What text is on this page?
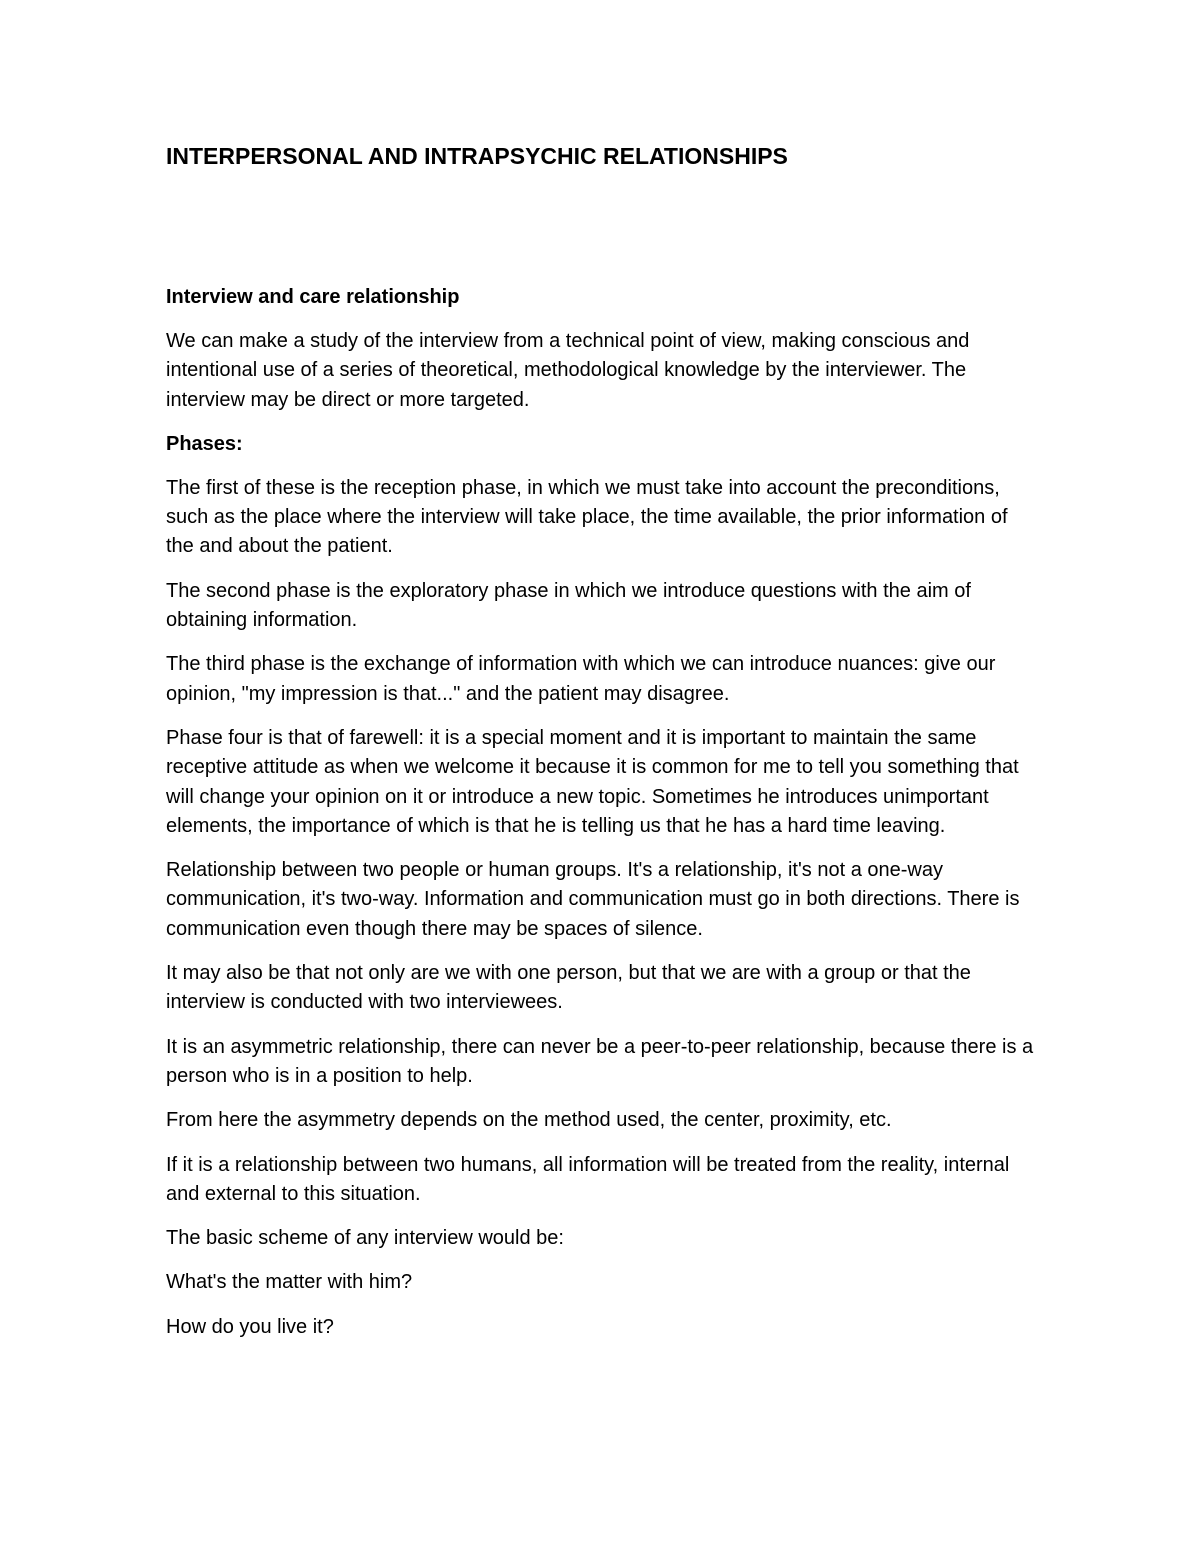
INTERPERSONAL AND INTRAPSYCHIC RELATIONSHIPS
Interview and care relationship

We can make a study of the interview from a technical point of view, making conscious and intentional use of a series of theoretical, methodological knowledge by the interviewer. The interview may be direct or more targeted.

Phases:

The first of these is the reception phase, in which we must take into account the preconditions, such as the place where the interview will take place, the time available, the prior information of the and about the patient.

The second phase is the exploratory phase in which we introduce questions with the aim of obtaining information.

The third phase is the exchange of information with which we can introduce nuances: give our opinion, "my impression is that..." and the patient may disagree.

Phase four is that of farewell: it is a special moment and it is important to maintain the same receptive attitude as when we welcome it because it is common for me to tell you something that will change your opinion on it or introduce a new topic. Sometimes he introduces unimportant elements, the importance of which is that he is telling us that he has a hard time leaving.

Relationship between two people or human groups. It's a relationship, it's not a one-way communication, it's two-way. Information and communication must go in both directions. There is communication even though there may be spaces of silence.

It may also be that not only are we with one person, but that we are with a group or that the interview is conducted with two interviewees.

It is an asymmetric relationship, there can never be a peer-to-peer relationship, because there is a person who is in a position to help.

From here the asymmetry depends on the method used, the center, proximity, etc.

If it is a relationship between two humans, all information will be treated from the reality, internal and external to this situation.

The basic scheme of any interview would be:

What's the matter with him?

How do you live it?
